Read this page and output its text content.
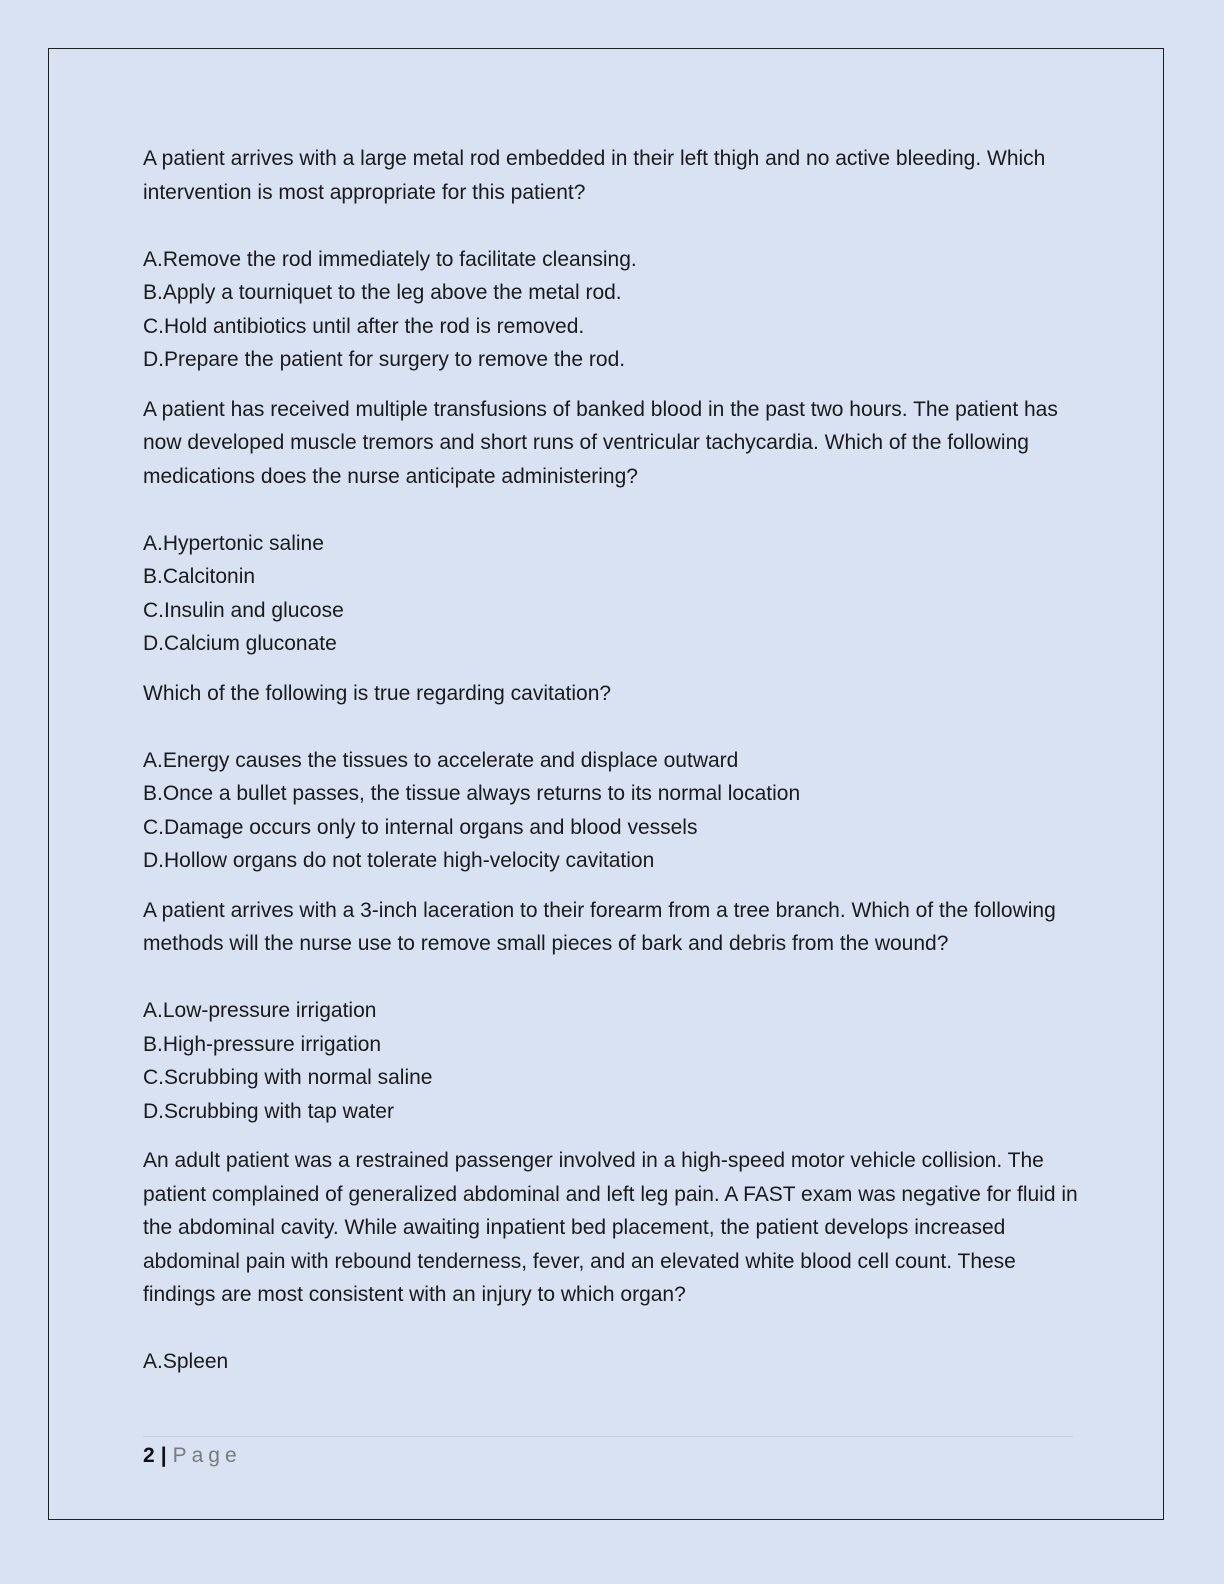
A patient arrives with a large metal rod embedded in their left thigh and no active bleeding. Which intervention is most appropriate for this patient?

A.Remove the rod immediately to facilitate cleansing.
B.Apply a tourniquet to the leg above the metal rod.
C.Hold antibiotics until after the rod is removed.
D.Prepare the patient for surgery to remove the rod.

A patient has received multiple transfusions of banked blood in the past two hours. The patient has now developed muscle tremors and short runs of ventricular tachycardia. Which of the following medications does the nurse anticipate administering?

A.Hypertonic saline
B.Calcitonin
C.Insulin and glucose
D.Calcium gluconate

Which of the following is true regarding cavitation?

A.Energy causes the tissues to accelerate and displace outward
B.Once a bullet passes, the tissue always returns to its normal location
C.Damage occurs only to internal organs and blood vessels
D.Hollow organs do not tolerate high-velocity cavitation

A patient arrives with a 3-inch laceration to their forearm from a tree branch. Which of the following methods will the nurse use to remove small pieces of bark and debris from the wound?

A.Low-pressure irrigation
B.High-pressure irrigation
C.Scrubbing with normal saline
D.Scrubbing with tap water

An adult patient was a restrained passenger involved in a high-speed motor vehicle collision. The patient complained of generalized abdominal and left leg pain. A FAST exam was negative for fluid in the abdominal cavity. While awaiting inpatient bed placement, the patient develops increased abdominal pain with rebound tenderness, fever, and an elevated white blood cell count. These findings are most consistent with an injury to which organ?

A.Spleen
2 | Page
